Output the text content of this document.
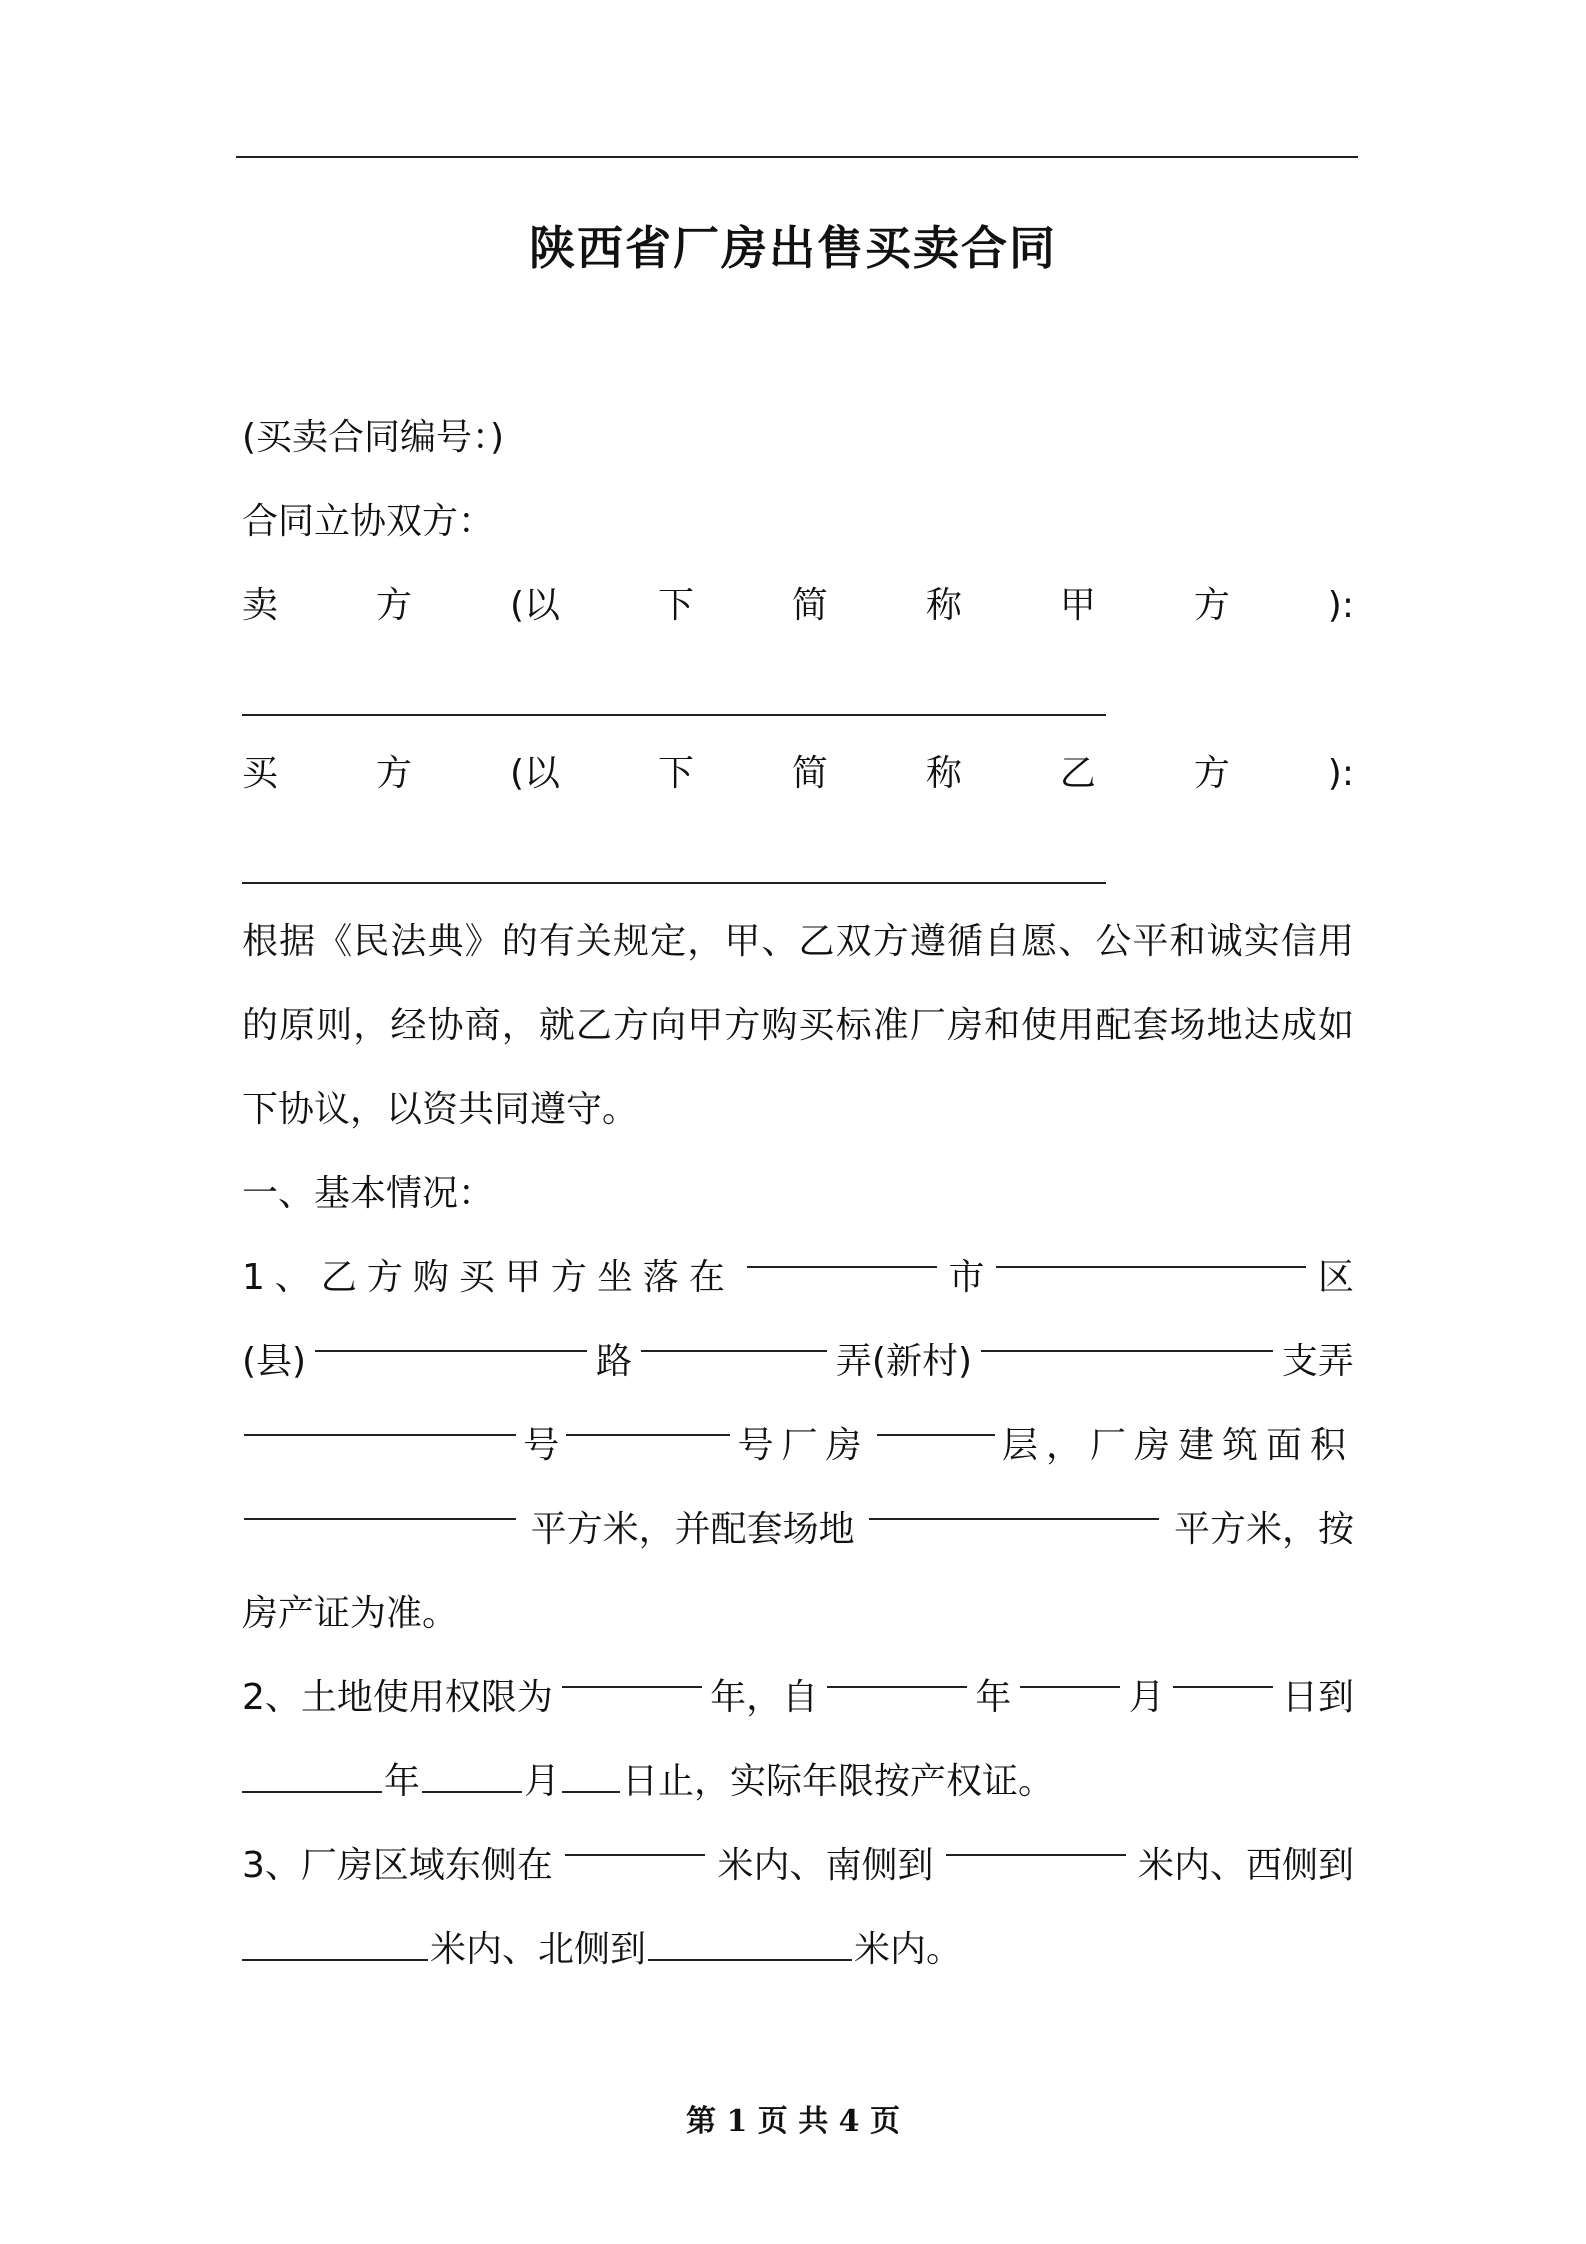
陕西省厂房出售买卖合同
(买卖合同编号：)
合同立协双方：
卖	方	(以	下	简	称	甲	方	):
买	方	(以	下	简	称	乙	方	):

根据《民法典》的有关规定，甲、乙双方遵循自愿、公平和诚实信用的原则，经协商，就乙方向甲方购买标准厂房和使用配套场地达成如下协议，以资共同遵守。

一、基本情况：
1、乙方购买甲方坐落在	市	区
(县)	路	弄(新村)	支弄
号	号厂房	层，厂房建筑面积
平方米，并配套场地	平方米，按
房产证为准。
2、土地使用权限为	年，自	年	月	日到
年	月 日止，实际年限按产权证。
3、厂房区域东侧在	米内、南侧到	米内、西侧到
米内、北侧到	米内。

第 1 页 共 4 页
